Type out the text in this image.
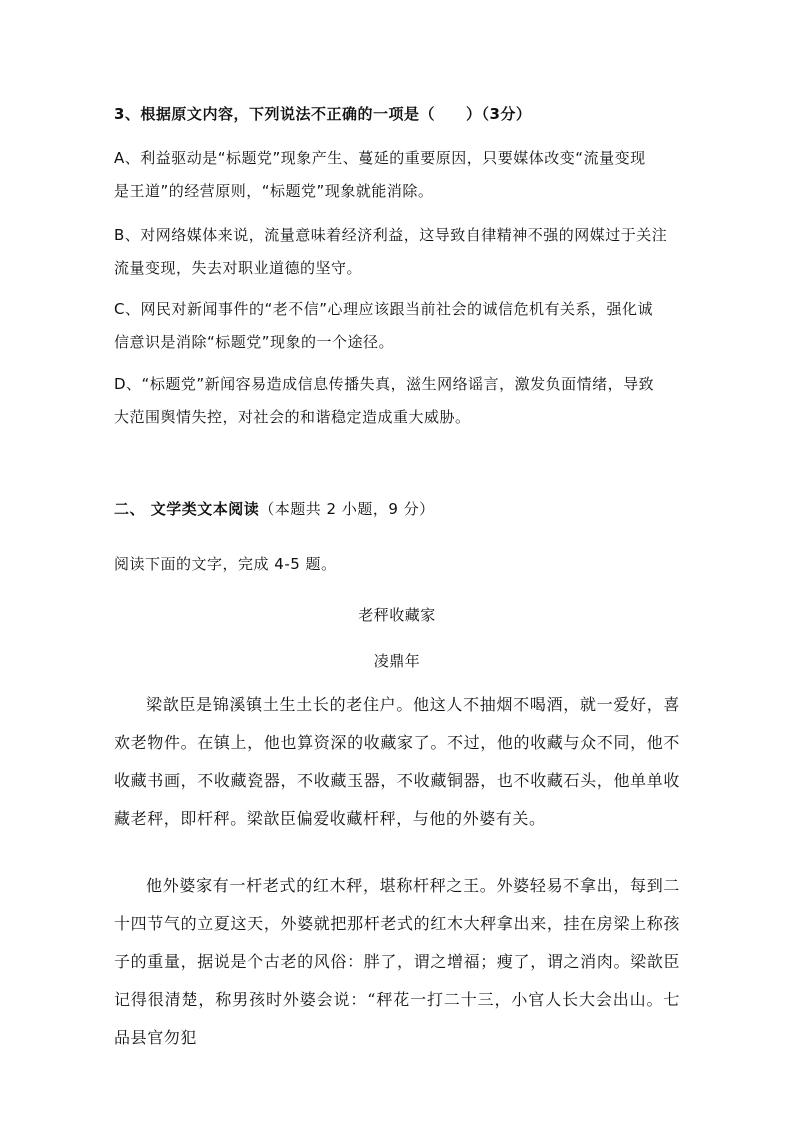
3、根据原文内容，下列说法不正确的一项是（　　）（3分）
A、利益驱动是“标题党”现象产生、蔓延的重要原因，只要媒体改变“流量变现
是王道”的经营原则，“标题党”现象就能消除。
B、对网络媒体来说，流量意味着经济利益，这导致自律精神不强的网媒过于关注
流量变现，失去对职业道德的坚守。
C、网民对新闻事件的“老不信”心理应该跟当前社会的诚信危机有关系，强化诚
信意识是消除“标题党”现象的一个途径。
D、“标题党”新闻容易造成信息传播失真，滋生网络谣言，激发负面情绪，导致
大范围舆情失控，对社会的和谐稳定造成重大威胁。
二、 文学类文本阅读（本题共 2 小题，9 分）
阅读下面的文字，完成 4-5 题。
老秤收藏家
凌鼎年
梁歆臣是锦溪镇土生土长的老住户。他这人不抽烟不喝酒，就一爱好，喜欢老物件。在镇上，他也算资深的收藏家了。不过，他的收藏与众不同，他不收藏书画，不收藏瓷器，不收藏玉器，不收藏铜器，也不收藏石头，他单单收藏老秤，即杆秤。梁歆臣偏爱收藏杆秤，与他的外婆有关。
他外婆家有一杆老式的红木秤，堪称杆秤之王。外婆轻易不拿出，每到二十四节气的立夏这天，外婆就把那杆老式的红木大秤拿出来，挂在房梁上称孩子的重量，据说是个古老的风俗：胖了，谓之增福；瘦了，谓之消肉。梁歆臣记得很清楚，称男孩时外婆会说：“秤花一打二十三，小官人长大会出山。七品县官勿犯
